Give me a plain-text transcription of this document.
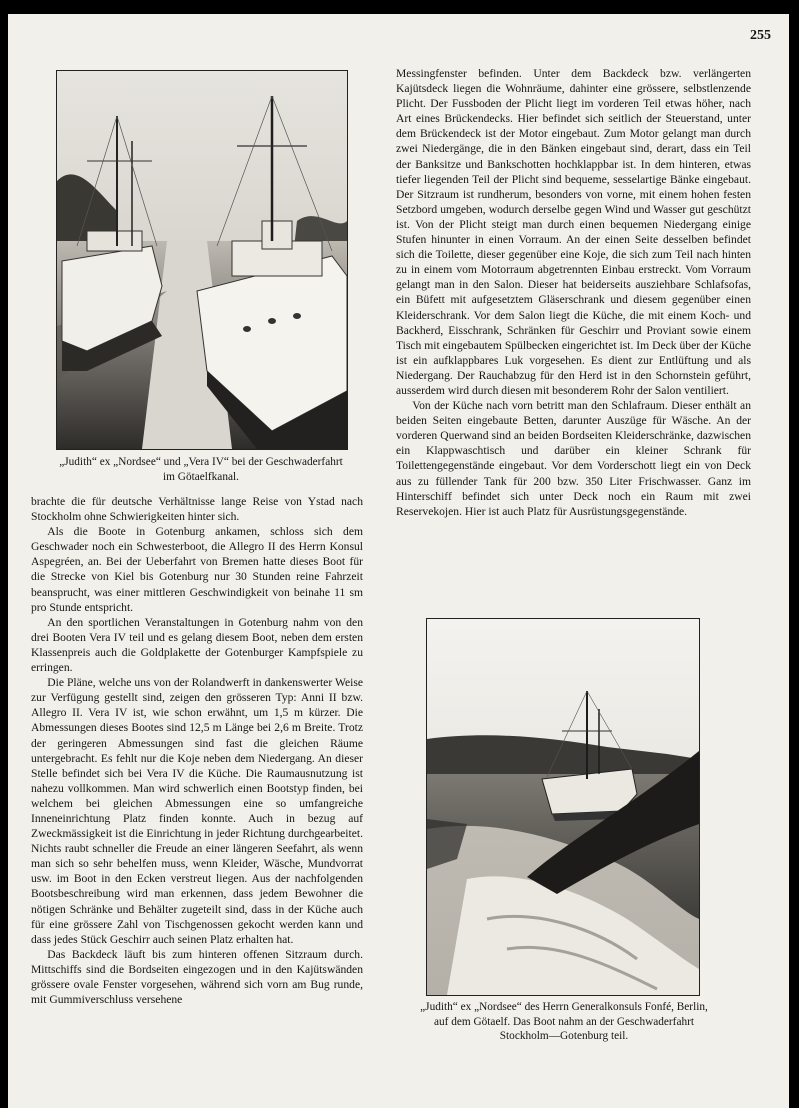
255
„Judith“ ex „Nordsee“ und „Vera IV“ bei der Geschwaderfahrt
im Götaelfkanal.

brachte die für deutsche Verhältnisse lange Reise von Ystad nach Stockholm ohne Schwierigkeiten hinter sich.

Als die Boote in Gotenburg ankamen, schloss sich dem Geschwader noch ein Schwesterboot, die Allegro II des Herrn Konsul Aspegréen, an. Bei der Ueberfahrt von Bremen hatte dieses Boot für die Strecke von Kiel bis Gotenburg nur 30 Stunden reine Fahrzeit beansprucht, was einer mittleren Geschwindigkeit von beinahe 11 sm pro Stunde entspricht.

An den sportlichen Veranstaltungen in Gotenburg nahm von den drei Booten Vera IV teil und es gelang diesem Boot, neben dem ersten Klassenpreis auch die Goldplakette der Gotenburger Kampfspiele zu erringen.

Die Pläne, welche uns von der Rolandwerft in dankenswerter Weise zur Verfügung gestellt sind, zeigen den grösseren Typ: Anni II bzw. Allegro II. Vera IV ist, wie schon erwähnt, um 1,5 m kürzer. Die Abmessungen dieses Bootes sind 12,5 m Länge bei 2,6 m Breite. Trotz der geringeren Abmessungen sind fast die gleichen Räume untergebracht. Es fehlt nur die Koje neben dem Niedergang. An dieser Stelle befindet sich bei Vera IV die Küche. Die Raumausnutzung ist nahezu vollkommen. Man wird schwerlich einen Bootstyp finden, bei welchem bei gleichen Abmessungen eine so umfangreiche Inneneinrichtung Platz finden konnte. Auch in bezug auf Zweckmässigkeit ist die Einrichtung in jeder Richtung durchgearbeitet. Nichts raubt schneller die Freude an einer längeren Seefahrt, als wenn man sich so sehr behelfen muss, wenn Kleider, Wäsche, Mundvorrat usw. im Boot in den Ecken verstreut liegen. Aus der nachfolgenden Bootsbeschreibung wird man erkennen, dass jedem Bewohner die nötigen Schränke und Behälter zugeteilt sind, dass in der Küche auch für eine grössere Zahl von Tischgenossen gekocht werden kann und dass jedes Stück Geschirr auch seinen Platz erhalten hat.

Das Backdeck läuft bis zum hinteren offenen Sitzraum durch. Mittschiffs sind die Bordseiten eingezogen und in den Kajütswänden grössere ovale Fenster vorgesehen, während sich vorn am Bug runde, mit Gummiverschluss versehene

Messingfenster befinden. Unter dem Backdeck bzw. verlängerten Kajütsdeck liegen die Wohnräume, dahinter eine grössere, selbstlenzende Plicht. Der Fussboden der Plicht liegt im vorderen Teil etwas höher, nach Art eines Brückendecks. Hier befindet sich seitlich der Steuerstand, unter dem Brückendeck ist der Motor eingebaut. Zum Motor gelangt man durch zwei Niedergänge, die in den Bänken eingebaut sind, derart, dass ein Teil der Banksitze und Bankschotten hochklappbar ist. In dem hinteren, etwas tiefer liegenden Teil der Plicht sind bequeme, sesselartige Bänke eingebaut. Der Sitzraum ist rundherum, besonders von vorne, mit einem hohen festen Setzbord umgeben, wodurch derselbe gegen Wind und Wasser gut geschützt ist. Von der Plicht steigt man durch einen bequemen Niedergang einige Stufen hinunter in einen Vorraum. An der einen Seite desselben befindet sich die Toilette, dieser gegenüber eine Koje, die sich zum Teil nach hinten zu in einem vom Motorraum abgetrennten Einbau erstreckt. Vom Vorraum gelangt man in den Salon. Dieser hat beiderseits ausziehbare Schlafsofas, ein Büfett mit aufgesetztem Gläserschrank und diesem gegenüber einen Kleiderschrank. Vor dem Salon liegt die Küche, die mit einem Koch- und Backherd, Eisschrank, Schränken für Geschirr und Proviant sowie einem Tisch mit eingebautem Spülbecken eingerichtet ist. Im Deck über der Küche ist ein aufklappbares Luk vorgesehen. Es dient zur Entlüftung und als Niedergang. Der Rauchabzug für den Herd ist in den Schornstein geführt, ausserdem wird durch diesen mit besonderem Rohr der Salon ventiliert.

Von der Küche nach vorn betritt man den Schlafraum. Dieser enthält an beiden Seiten eingebaute Betten, darunter Auszüge für Wäsche. An der vorderen Querwand sind an beiden Bordseiten Kleiderschränke, dazwischen ein Klappwaschtisch und darüber ein kleiner Schrank für Toilettengegenstände eingebaut. Vor dem Vorderschott liegt ein von Deck aus zu füllender Tank für 200 bzw. 350 Liter Frischwasser. Ganz im Hinterschiff befindet sich unter Deck noch ein Raum mit zwei Reservekojen. Hier ist auch Platz für Ausrüstungsgegenstände.

„Judith“ ex „Nordsee“ des Herrn Generalkonsuls Fonfé, Berlin,
auf dem Götaelf. Das Boot nahm an der Geschwaderfahrt
Stockholm—Gotenburg teil.
